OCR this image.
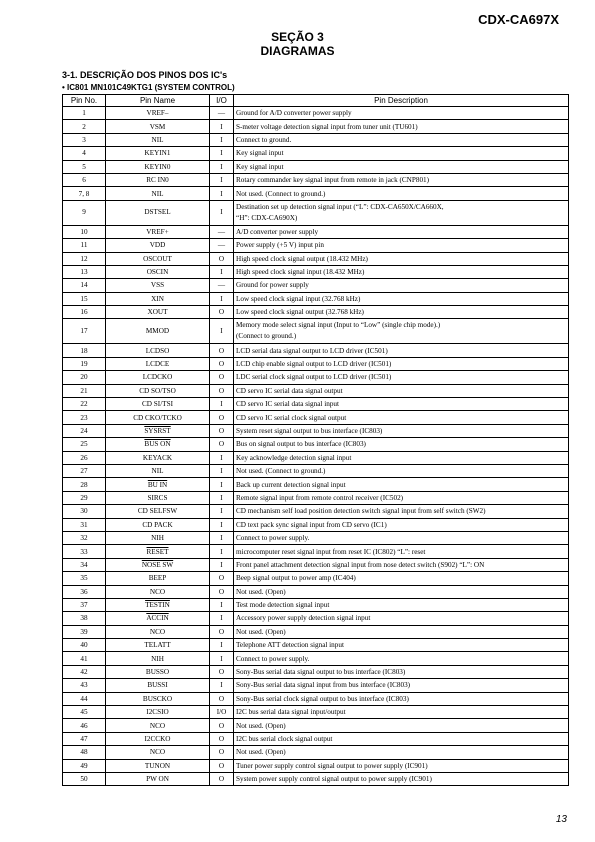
CDX-CA697X
SEÇÃO 3
DIAGRAMAS
3-1. DESCRIÇÃO DOS PINOS DOS IC's
• IC801 MN101C49KTG1 (SYSTEM CONTROL)
Pin No.	Pin Name	I/O	Pin Description
1	VREF–	—	Ground for A/D converter power supply

2	VSM	I	S-meter voltage detection signal input from tuner unit (TU601)

3	NIL	I	Connect to ground.

4	KEYIN1	I	Key signal input

5	KEYIN0	I	Key signal input

6	RC IN0	I	Rotary commander key signal input from remote in jack (CNP801)

7, 8	NIL	I	Not used. (Connect to ground.)

9	DSTSEL	I	Destination set up detection signal input (“L”: CDX-CA650X/CA660X,
“H”: CDX-CA690X)

10	VREF+	—	A/D converter power supply

11	VDD	—	Power supply (+5 V) input pin

12	OSCOUT	O	High speed clock signal output (18.432 MHz)

13	OSCIN	I	High speed clock signal input (18.432 MHz)

14	VSS	—	Ground for power supply

15	XIN	I	Low speed clock signal input (32.768 kHz)

16	XOUT	O	Low speed clock signal output (32.768 kHz)

17	MMOD	I	Memory mode select signal input (Input to “Low” (single chip mode).)
(Connect to ground.)

18	LCDSO	O	LCD serial data signal output to LCD driver (IC501)

19	LCDCE	O	LCD chip enable signal output to LCD driver (IC501)

20	LCDCKO	O	LDC serial clock signal output to LCD driver (IC501)

21	CD SO/TSO	O	CD servo IC serial data signal output

22	CD SI/TSI	I	CD servo IC serial data signal input

23	CD CKO/TCKO	O	CD servo IC serial clock signal output

24	SYSRST	O	System reset signal output to bus interface (IC803)

25	BUS ON	O	Bus on signal output to bus interface (IC803)

26	KEYACK	I	Key acknowledge detection signal input

27	NIL	I	Not used. (Connect to ground.)

28	BU IN	I	Back up current detection signal input

29	SIRCS	I	Remote signal input from remote control receiver (IC502)

30	CD SELFSW	I	CD mechanism self load position detection switch signal input from self switch (SW2)

31	CD PACK	I	CD text pack sync signal input from CD servo (IC1)

32	NIH	I	Connect to power supply.

33	RESET	I	microcomputer reset signal input from reset IC (IC802) “L”: reset

34	NOSE SW	I	Front panel attachment detection signal input from nose detect switch (S902) “L”: ON

35	BEEP	O	Beep signal output to power amp (IC404)

36	NCO	O	Not used. (Open)

37	TESTIN	I	Test mode detection signal input

38	ACCIN	I	Accessory power supply detection signal input

39	NCO	O	Not used. (Open)

40	TELATT	I	Telephone ATT detection signal input

41	NIH	I	Connect to power supply.

42	BUSSO	O	Sony-Bus serial data signal output to bus interface (IC803)

43	BUSSI	I	Sony-Bus serial data signal input from bus interface (IC803)

44	BUSCKO	O	Sony-Bus serial clock signal output to bus interface (IC803)

45	I2CSIO	I/O	I2C bus serial data signal input/output

46	NCO	O	Not used. (Open)

47	I2CCKO	O	I2C bus serial clock signal output

48	NCO	O	Not used. (Open)

49	TUNON	O	Tuner power supply control signal output to power supply (IC901)

50	PW ON	O	System power supply control signal output to power supply (IC901)
13
